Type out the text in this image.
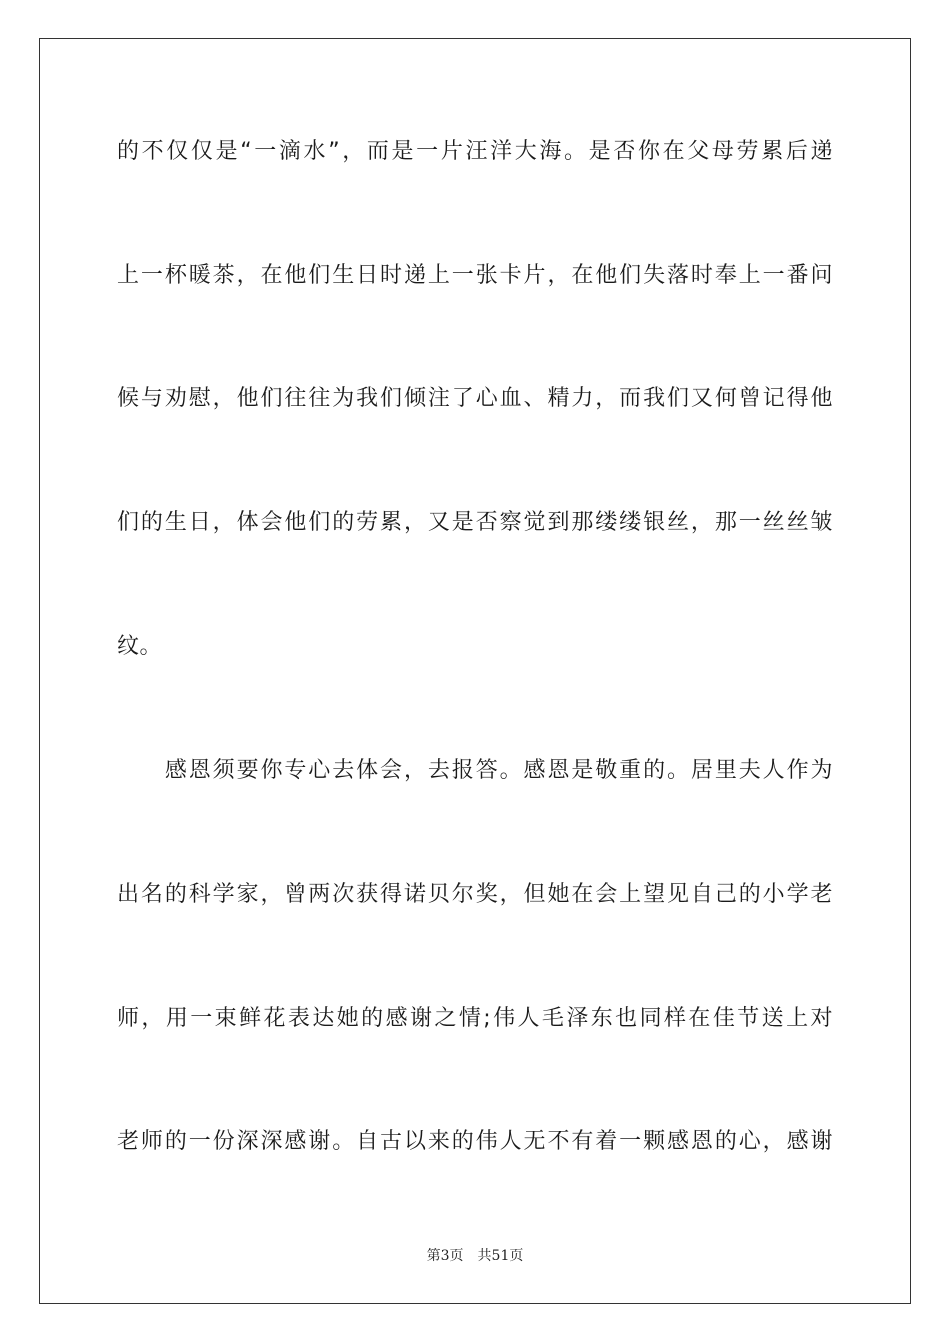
的不仅仅是“一滴水”，而是一片汪洋大海。是否你在父母劳累后递
上一杯暖茶，在他们生日时递上一张卡片，在他们失落时奉上一番问
候与劝慰，他们往往为我们倾注了心血、精力，而我们又何曾记得他
们的生日，体会他们的劳累，又是否察觉到那缕缕银丝，那一丝丝皱
纹。
　　感恩须要你专心去体会，去报答。感恩是敬重的。居里夫人作为
出名的科学家，曾两次获得诺贝尔奖，但她在会上望见自己的小学老
师，用一束鲜花表达她的感谢之情;伟人毛泽东也同样在佳节送上对
老师的一份深深感谢。自古以来的伟人无不有着一颗感恩的心，感谢
第3页 共51页
